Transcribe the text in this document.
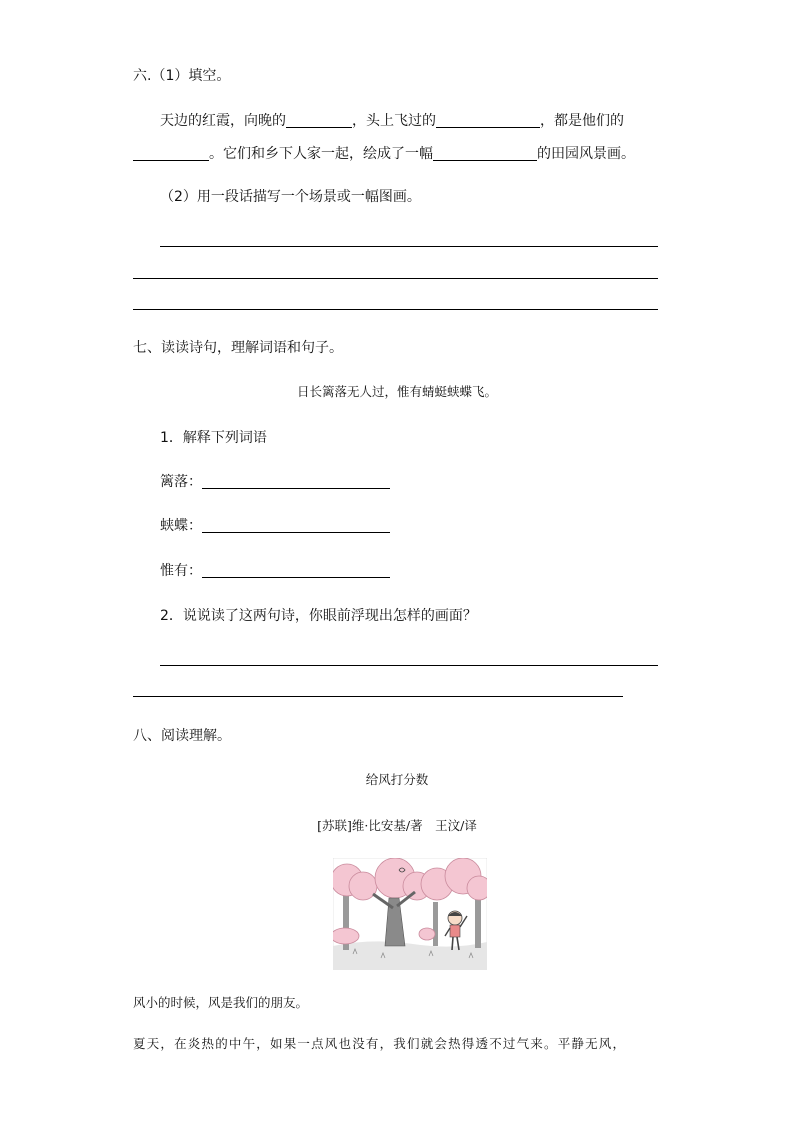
六.（1）填空。
天边的红霞，向晚的	，头上飞过的	，都是他们的
。它们和乡下人家一起，绘成了一幅	的田园风景画。
（2）用一段话描写一个场景或一幅图画。
七、读读诗句，理解词语和句子。
日长篱落无人过，惟有蜻蜓蛱蝶飞。
1．解释下列词语
篱落：
蛱蝶：
惟有：
2．说说读了这两句诗，你眼前浮现出怎样的画面？
八、阅读理解。
给风打分数
[苏联]维·比安基/著　王汶/译
风小的时候，风是我们的朋友。
夏天，在炎热的中午，如果一点风也没有，我们就会热得透不过气来。平静无风，
